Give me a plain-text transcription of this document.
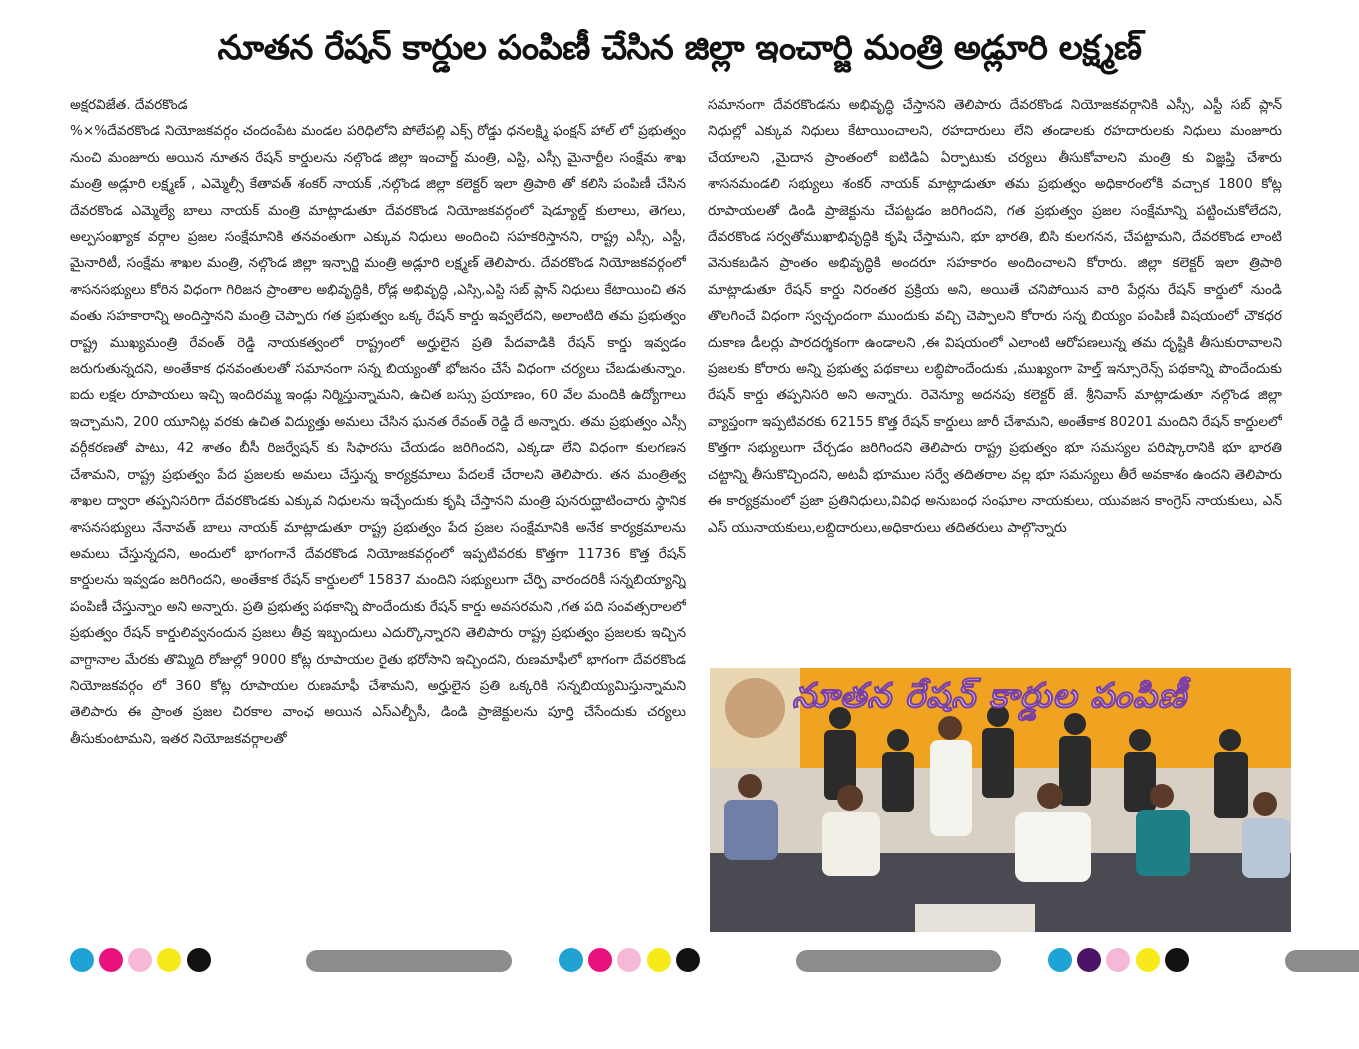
నూతన రేషన్ కార్డుల పంపిణీ చేసిన జిల్లా ఇంచార్జి మంత్రి అడ్లూరి లక్ష్మణ్
అక్షరవిజేత. దేవరకొండ

%×%దేవరకొండ నియోజకవర్గం చందంపేట మండల పరిధిలోని పోలేపల్లి ఎక్స్ రోడ్డు ధనలక్ష్మి ఫంక్షన్ హాల్ లో ప్రభుత్వం నుంచి మంజూరు అయిన నూతన రేషన్ కార్డులను నల్గొండ జిల్లా ఇంచార్జ్ మంత్రి, ఎస్టి, ఎస్సీ మైనార్టీల సంక్షేమ శాఖ మంత్రి అడ్లూరి లక్ష్మణ్ , ఎమ్మెల్సీ కేతావత్ శంకర్ నాయక్ ,నల్గొండ జిల్లా కలెక్టర్ ఇలా త్రిపాఠి తో కలిసి పంపిణీ చేసిన దేవరకొండ ఎమ్మెల్యే బాలు నాయక్ మంత్రి మాట్లాడుతూ దేవరకొండ నియోజకవర్గంలో షెడ్యూల్డ్ కులాలు, తెగలు, అల్పసంఖ్యాక వర్గాల ప్రజల సంక్షేమానికి తనవంతుగా ఎక్కువ నిధులు అందించి సహకరిస్తానని, రాష్ట్ర ఎస్సీ, ఎస్టీ, మైనారిటీ, సంక్షేమ శాఖల మంత్రి, నల్గొండ జిల్లా ఇన్చార్జి మంత్రి అడ్లూరి లక్ష్మణ్ తెలిపారు. దేవరకొండ నియోజకవర్గంలో శాసనసభ్యులు కోరిన విధంగా గిరిజన ప్రాంతాల అభివృద్ధికి, రోడ్ల అభివృద్ధి ,ఎస్సి,ఎస్టి సబ్ ప్లాన్ నిధులు కేటాయించి తన వంతు సహకారాన్ని అందిస్తానని మంత్రి చెప్పారు గత ప్రభుత్వం ఒక్క రేషన్ కార్డు ఇవ్వలేదని, అలాంటిది తమ ప్రభుత్వం రాష్ట్ర ముఖ్యమంత్రి రేవంత్ రెడ్డి నాయకత్వంలో రాష్ట్రంలో అర్హులైన ప్రతి పేదవాడికి రేషన్ కార్డు ఇవ్వడం జరుగుతున్నదని, అంతేకాక ధనవంతులతో సమానంగా సన్న బియ్యంతో భోజనం చేసే విధంగా చర్యలు చేబడుతున్నాం. ఐదు లక్షల రూపాయలు ఇచ్చి ఇందిరమ్మ ఇండ్లు నిర్మిస్తున్నామని, ఉచిత బస్సు ప్రయాణం, 60 వేల మందికి ఉద్యోగాలు ఇచ్చామని, 200 యూనిట్ల వరకు ఉచిత విద్యుత్తు అమలు చేసిన ఘనత రేవంత్ రెడ్డి దే అన్నారు. తమ ప్రభుత్వం ఎస్సీ వర్గీకరణతో పాటు, 42 శాతం బీసీ రిజర్వేషన్ కు సిఫారసు చేయడం జరిగిందని, ఎక్కడా లేని విధంగా కులగణన చేశామని, రాష్ట్ర ప్రభుత్వం పేద ప్రజలకు అమలు చేస్తున్న కార్యక్రమాలు పేదలకే చేరాలని తెలిపారు. తన మంత్రిత్వ శాఖల ద్వారా తప్పనిసరిగా దేవరకొండకు ఎక్కువ నిధులను ఇచ్చేందుకు కృషి చేస్తానని మంత్రి పునరుద్ఘాటించారు స్థానిక శాసనసభ్యులు నేనావత్ బాలు నాయక్ మాట్లాడుతూ రాష్ట్ర ప్రభుత్వం పేద ప్రజల సంక్షేమానికి అనేక కార్యక్రమాలను అమలు చేస్తున్నదని, అందులో భాగంగానే దేవరకొండ నియోజకవర్గంలో ఇప్పటివరకు కొత్తగా 11736 కొత్త రేషన్ కార్డులను ఇవ్వడం జరిగిందని, అంతేకాక రేషన్ కార్డులలో 15837 మందిని సభ్యులుగా చేర్పి వారందరికీ సన్నబియ్యాన్ని పంపిణీ చేస్తున్నాం అని అన్నారు. ప్రతి ప్రభుత్వ పథకాన్ని పొందేందుకు రేషన్ కార్డు అవసరమని ,గత పది సంవత్సరాలలో ప్రభుత్వం రేషన్ కార్డులివ్వనందున ప్రజలు తీవ్ర ఇబ్బందులు ఎదుర్కొన్నారని తెలిపారు రాష్ట్ర ప్రభుత్వం ప్రజలకు ఇచ్చిన వాగ్దానాల మేరకు తొమ్మిది రోజుల్లో 9000 కోట్ల రూపాయల రైతు భరోసాని ఇచ్చిందని, రుణమాఫీలో భాగంగా దేవరకొండ నియోజకవర్గం లో 360 కోట్ల రూపాయల రుణమాఫీ చేశామని, అర్హులైన ప్రతి ఒక్కరికి సన్నబియ్యమిస్తున్నామని తెలిపారు ఈ ప్రాంత ప్రజల చిరకాల వాంఛ అయిన ఎస్ఎల్బీసీ, డిండి ప్రాజెక్టులను పూర్తి చేసేందుకు చర్యలు తీసుకుంటామని, ఇతర నియోజకవర్గాలతో

సమానంగా దేవరకొండను అభివృద్ధి చేస్తానని తెలిపారు దేవరకొండ నియోజకవర్గానికి ఎస్సీ, ఎస్టీ సబ్ ప్లాన్ నిధుల్లో ఎక్కువ నిధులు కేటాయించాలని, రహదారులు లేని తండాలకు రహదారులకు నిధులు మంజూరు చేయాలని ,మైదాన ప్రాంతంలో ఐటిడిఏ ఏర్పాటుకు చర్యలు తీసుకోవాలని మంత్రి కు విజ్ఞప్తి చేశారు శాసనమండలి సభ్యులు శంకర్ నాయక్ మాట్లాడుతూ తమ ప్రభుత్వం అధికారంలోకి వచ్చాక 1800 కోట్ల రూపాయలతో డిండి ప్రాజెక్టును చేపట్టడం జరిగిందని, గత ప్రభుత్వం ప్రజల సంక్షేమాన్ని పట్టించుకోలేదని, దేవరకొండ సర్వతోముఖాభివృద్ధికి కృషి చేస్తామని, భూ భారతి, బిసి కులగనన, చేపట్టామని, దేవరకొండ లాంటి వెనుకబడిన ప్రాంతం అభివృద్ధికి అందరూ సహకారం అందించాలని కోరారు. జిల్లా కలెక్టర్ ఇలా త్రిపాఠి మాట్లాడుతూ రేషన్ కార్డు నిరంతర ప్రక్రియ అని, అయితే చనిపోయిన వారి పేర్లను రేషన్ కార్డులో నుండి తొలగించే విధంగా స్వచ్ఛందంగా ముందుకు వచ్చి చెప్పాలని కోరారు సన్న బియ్యం పంపిణీ విషయంలో చౌకధర దుకాణ డీలర్లు పారదర్శకంగా ఉండాలని ,ఈ విషయంలో ఎలాంటి ఆరోపణలున్న తమ దృష్టికి తీసుకురావాలని ప్రజలకు కోరారు అన్ని ప్రభుత్వ పథకాలు లబ్ధిపొందేందుకు ,ముఖ్యంగా హెల్త్ ఇన్సూరెన్స్ పథకాన్ని పొందేందుకు రేషన్ కార్డు తప్పనిసరి అని అన్నారు. రెవెన్యూ అదనపు కలెక్టర్ జే. శ్రీనివాస్ మాట్లాడుతూ నల్గొండ జిల్లా వ్యాప్తంగా ఇప్పటివరకు 62155 కొత్త రేషన్ కార్డులు జారీ చేశామని, అంతేకాక 80201 మందిని రేషన్ కార్డులలో కొత్తగా సభ్యులుగా చేర్చడం జరిగిందని తెలిపారు రాష్ట్ర ప్రభుత్వం భూ సమస్యల పరిష్కారానికి భూ భారతి చట్టాన్ని తీసుకొచ్చిందని, అటవీ భూముల సర్వే తదితరాల వల్ల భూ సమస్యలు తీరే అవకాశం ఉందని తెలిపారు ఈ కార్యక్రమంలో ప్రజా ప్రతినిధులు,వివిధ అనుబంధ సంఘాల నాయకులు, యువజన కాంగ్రెస్ నాయకులు, ఎన్ ఎస్ యునాయకులు,లబ్దిదారులు,అధికారులు తదితరులు పాల్గొన్నారు

నూతన రేషన్ కార్డుల పంపిణీ
